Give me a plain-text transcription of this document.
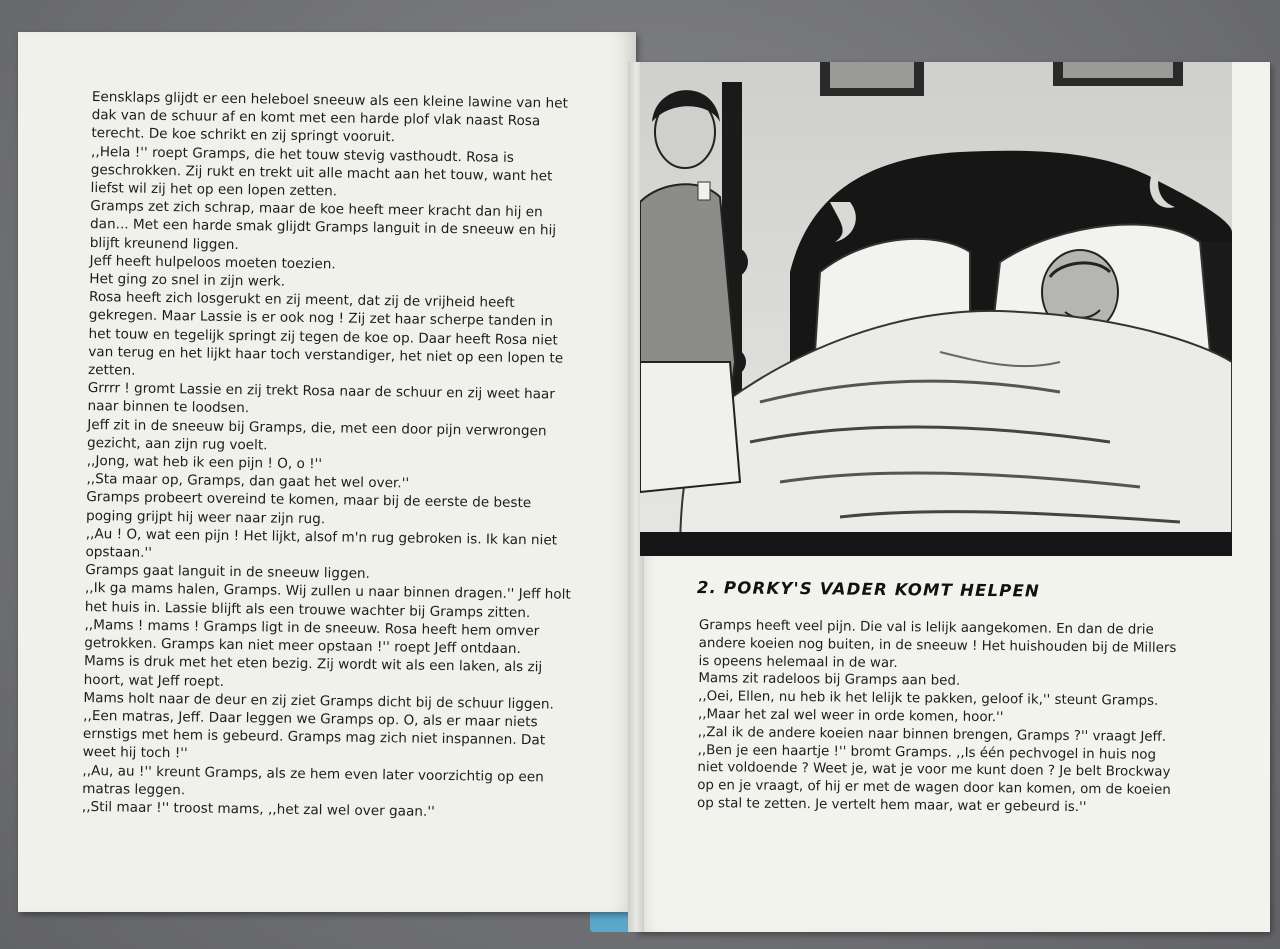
Eensklaps glijdt er een heleboel sneeuw als een kleine lawine van het dak van de schuur af en komt met een harde plof vlak naast Rosa terecht. De koe schrikt en zij springt vooruit.

,,Hela !'' roept Gramps, die het touw stevig vasthoudt. Rosa is geschrokken. Zij rukt en trekt uit alle macht aan het touw, want het liefst wil zij het op een lopen zetten.

Gramps zet zich schrap, maar de koe heeft meer kracht dan hij en dan... Met een harde smak glijdt Gramps languit in de sneeuw en hij blijft kreunend liggen.

Jeff heeft hulpeloos moeten toezien.

Het ging zo snel in zijn werk.

Rosa heeft zich losgerukt en zij meent, dat zij de vrijheid heeft gekregen. Maar Lassie is er ook nog ! Zij zet haar scherpe tanden in het touw en tegelijk springt zij tegen de koe op. Daar heeft Rosa niet van terug en het lijkt haar toch verstandiger, het niet op een lopen te zetten.

Grrrr ! gromt Lassie en zij trekt Rosa naar de schuur en zij weet haar naar binnen te loodsen.

Jeff zit in de sneeuw bij Gramps, die, met een door pijn verwrongen gezicht, aan zijn rug voelt.

,,Jong, wat heb ik een pijn ! O, o !''

,,Sta maar op, Gramps, dan gaat het wel over.''

Gramps probeert overeind te komen, maar bij de eerste de beste poging grijpt hij weer naar zijn rug.

,,Au ! O, wat een pijn ! Het lijkt, alsof m'n rug gebroken is. Ik kan niet opstaan.''

Gramps gaat languit in de sneeuw liggen.

,,Ik ga mams halen, Gramps. Wij zullen u naar binnen dragen.'' Jeff holt het huis in. Lassie blijft als een trouwe wachter bij Gramps zitten.

,,Mams ! mams ! Gramps ligt in de sneeuw. Rosa heeft hem omver getrokken. Gramps kan niet meer opstaan !'' roept Jeff ontdaan.

Mams is druk met het eten bezig. Zij wordt wit als een laken, als zij hoort, wat Jeff roept.

Mams holt naar de deur en zij ziet Gramps dicht bij de schuur liggen.

,,Een matras, Jeff. Daar leggen we Gramps op. O, als er maar niets ernstigs met hem is gebeurd. Gramps mag zich niet inspannen. Dat weet hij toch !''

,,Au, au !'' kreunt Gramps, als ze hem even later voorzichtig op een matras leggen.

,,Stil maar !'' troost mams, ,,het zal wel over gaan.''

2. PORKY'S VADER KOMT HELPEN

Gramps heeft veel pijn. Die val is lelijk aangekomen. En dan de drie andere koeien nog buiten, in de sneeuw ! Het huishouden bij de Millers is opeens helemaal in de war.

Mams zit radeloos bij Gramps aan bed.

,,Oei, Ellen, nu heb ik het lelijk te pakken, geloof ik,'' steunt Gramps. ,,Maar het zal wel weer in orde komen, hoor.''

,,Zal ik de andere koeien naar binnen brengen, Gramps ?'' vraagt Jeff.

,,Ben je een haartje !'' bromt Gramps. ,,Is één pechvogel in huis nog niet voldoende ? Weet je, wat je voor me kunt doen ? Je belt Brockway op en je vraagt, of hij er met de wagen door kan komen, om de koeien op stal te zetten. Je vertelt hem maar, wat er gebeurd is.''
